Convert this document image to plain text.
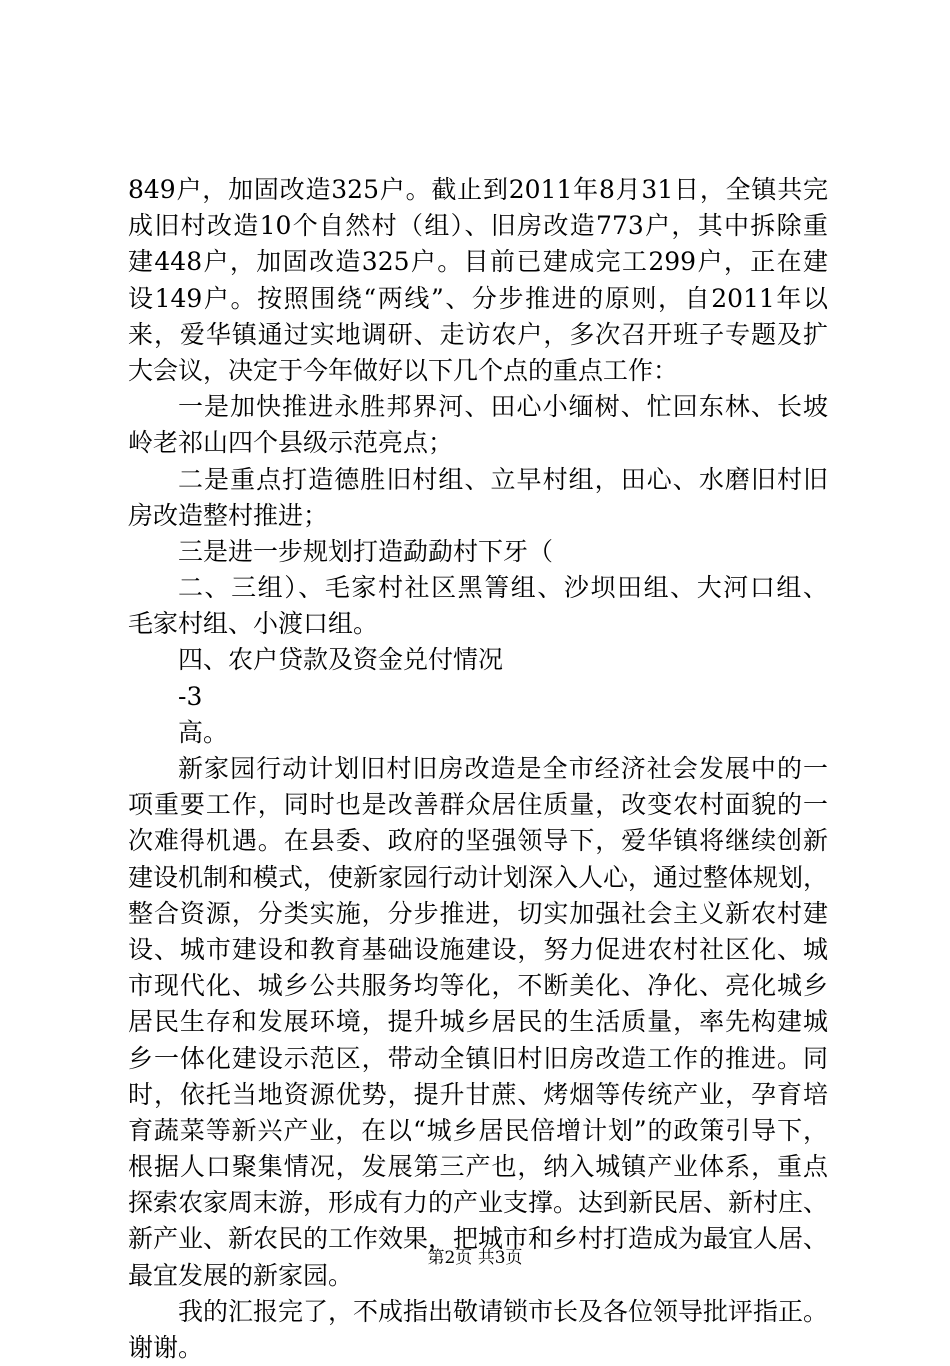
849户，加固改造325户。截止到2011年8月31日，全镇共完
成旧村改造10个自然村（组）、旧房改造773户，其中拆除重
建448户，加固改造325户。目前已建成完工299户，正在建
设149户。按照围绕“两线”、分步推进的原则，自2011年以
来，爱华镇通过实地调研、走访农户，多次召开班子专题及扩
大会议，决定于今年做好以下几个点的重点工作：
一是加快推进永胜邦界河、田心小缅树、忙回东林、长坡
岭老祁山四个县级示范亮点；
二是重点打造德胜旧村组、立早村组，田心、水磨旧村旧
房改造整村推进；
三是进一步规划打造勐勐村下牙（
二、三组）、毛家村社区黑箐组、沙坝田组、大河口组、
毛家村组、小渡口组。
四、农户贷款及资金兑付情况
-3
高。
新家园行动计划旧村旧房改造是全市经济社会发展中的一
项重要工作，同时也是改善群众居住质量，改变农村面貌的一
次难得机遇。在县委、政府的坚强领导下，爱华镇将继续创新
建设机制和模式，使新家园行动计划深入人心，通过整体规划，
整合资源，分类实施，分步推进，切实加强社会主义新农村建
设、城市建设和教育基础设施建设，努力促进农村社区化、城
市现代化、城乡公共服务均等化，不断美化、净化、亮化城乡
居民生存和发展环境，提升城乡居民的生活质量，率先构建城
乡一体化建设示范区，带动全镇旧村旧房改造工作的推进。同
时，依托当地资源优势，提升甘蔗、烤烟等传统产业，孕育培
育蔬菜等新兴产业，在以“城乡居民倍增计划”的政策引导下，
根据人口聚集情况，发展第三产也，纳入城镇产业体系，重点
探索农家周末游，形成有力的产业支撑。达到新民居、新村庄、
新产业、新农民的工作效果，把城市和乡村打造成为最宜人居、
最宜发展的新家园。
我的汇报完了，不成指出敬请锁市长及各位领导批评指正。
谢谢。
第2页 共3页
